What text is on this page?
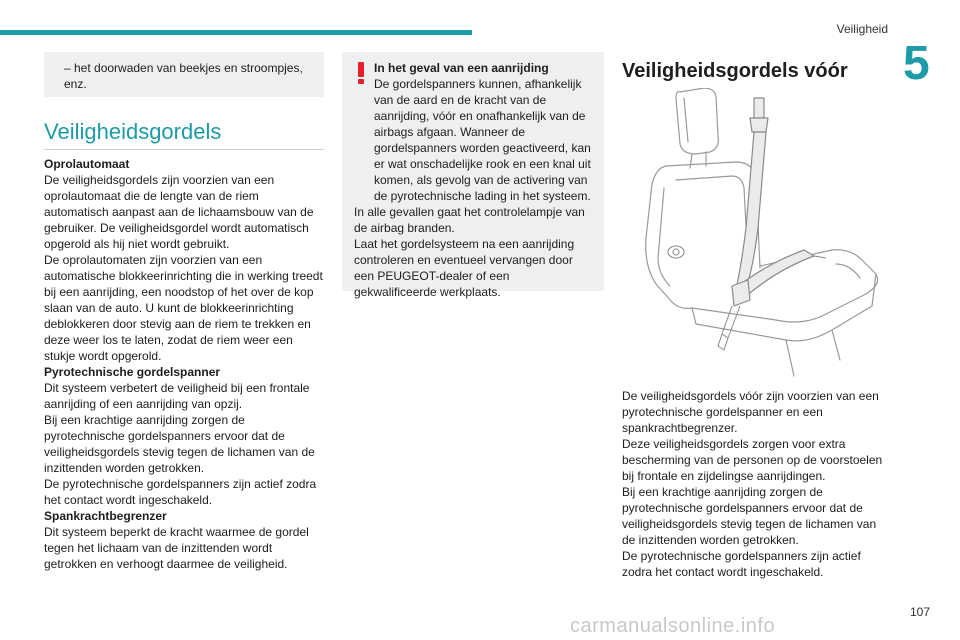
Veiligheid
5
– het doorwaden van beekjes en stroompjes, enz.
Veiligheidsgordels
Oprolautomaat
De veiligheidsgordels zijn voorzien van een oprolautomaat die de lengte van de riem automatisch aanpast aan de lichaamsbouw van de gebruiker. De veiligheidsgordel wordt automatisch opgerold als hij niet wordt gebruikt.
De oprolautomaten zijn voorzien van een automatische blokkeerinrichting die in werking treedt bij een aanrijding, een noodstop of het over de kop slaan van de auto. U kunt de blokkeerinrichting deblokkeren door stevig aan de riem te trekken en deze weer los te laten, zodat de riem weer een stukje wordt opgerold.
Pyrotechnische gordelspanner
Dit systeem verbetert de veiligheid bij een frontale aanrijding of een aanrijding van opzij.
Bij een krachtige aanrijding zorgen de pyrotechnische gordelspanners ervoor dat de veiligheidsgordels stevig tegen de lichamen van de inzittenden worden getrokken.
De pyrotechnische gordelspanners zijn actief zodra het contact wordt ingeschakeld.
Spankrachtbegrenzer
Dit systeem beperkt de kracht waarmee de gordel tegen het lichaam van de inzittenden wordt getrokken en verhoogt daarmee de veiligheid.
In het geval van een aanrijding
De gordelspanners kunnen, afhankelijk van de aard en de kracht van de aanrijding, vóór en onafhankelijk van de airbags afgaan. Wanneer de gordelspanners worden geactiveerd, kan er wat onschadelijke rook en een knal uit komen, als gevolg van de activering van de pyrotechnische lading in het systeem.
In alle gevallen gaat het controlelampje van de airbag branden.
Laat het gordelsysteem na een aanrijding controleren en eventueel vervangen door een PEUGEOT-dealer of een gekwalificeerde werkplaats.
Veiligheidsgordels vóór
De veiligheidsgordels vóór zijn voorzien van een pyrotechnische gordelspanner en een spankrachtbegrenzer.
Deze veiligheidsgordels zorgen voor extra bescherming van de personen op de voorstoelen bij frontale en zijdelingse aanrijdingen.
Bij een krachtige aanrijding zorgen de pyrotechnische gordelspanners ervoor dat de veiligheidsgordels stevig tegen de lichamen van de inzittenden worden getrokken.
De pyrotechnische gordelspanners zijn actief zodra het contact wordt ingeschakeld.
107
carmanualsonline.info
